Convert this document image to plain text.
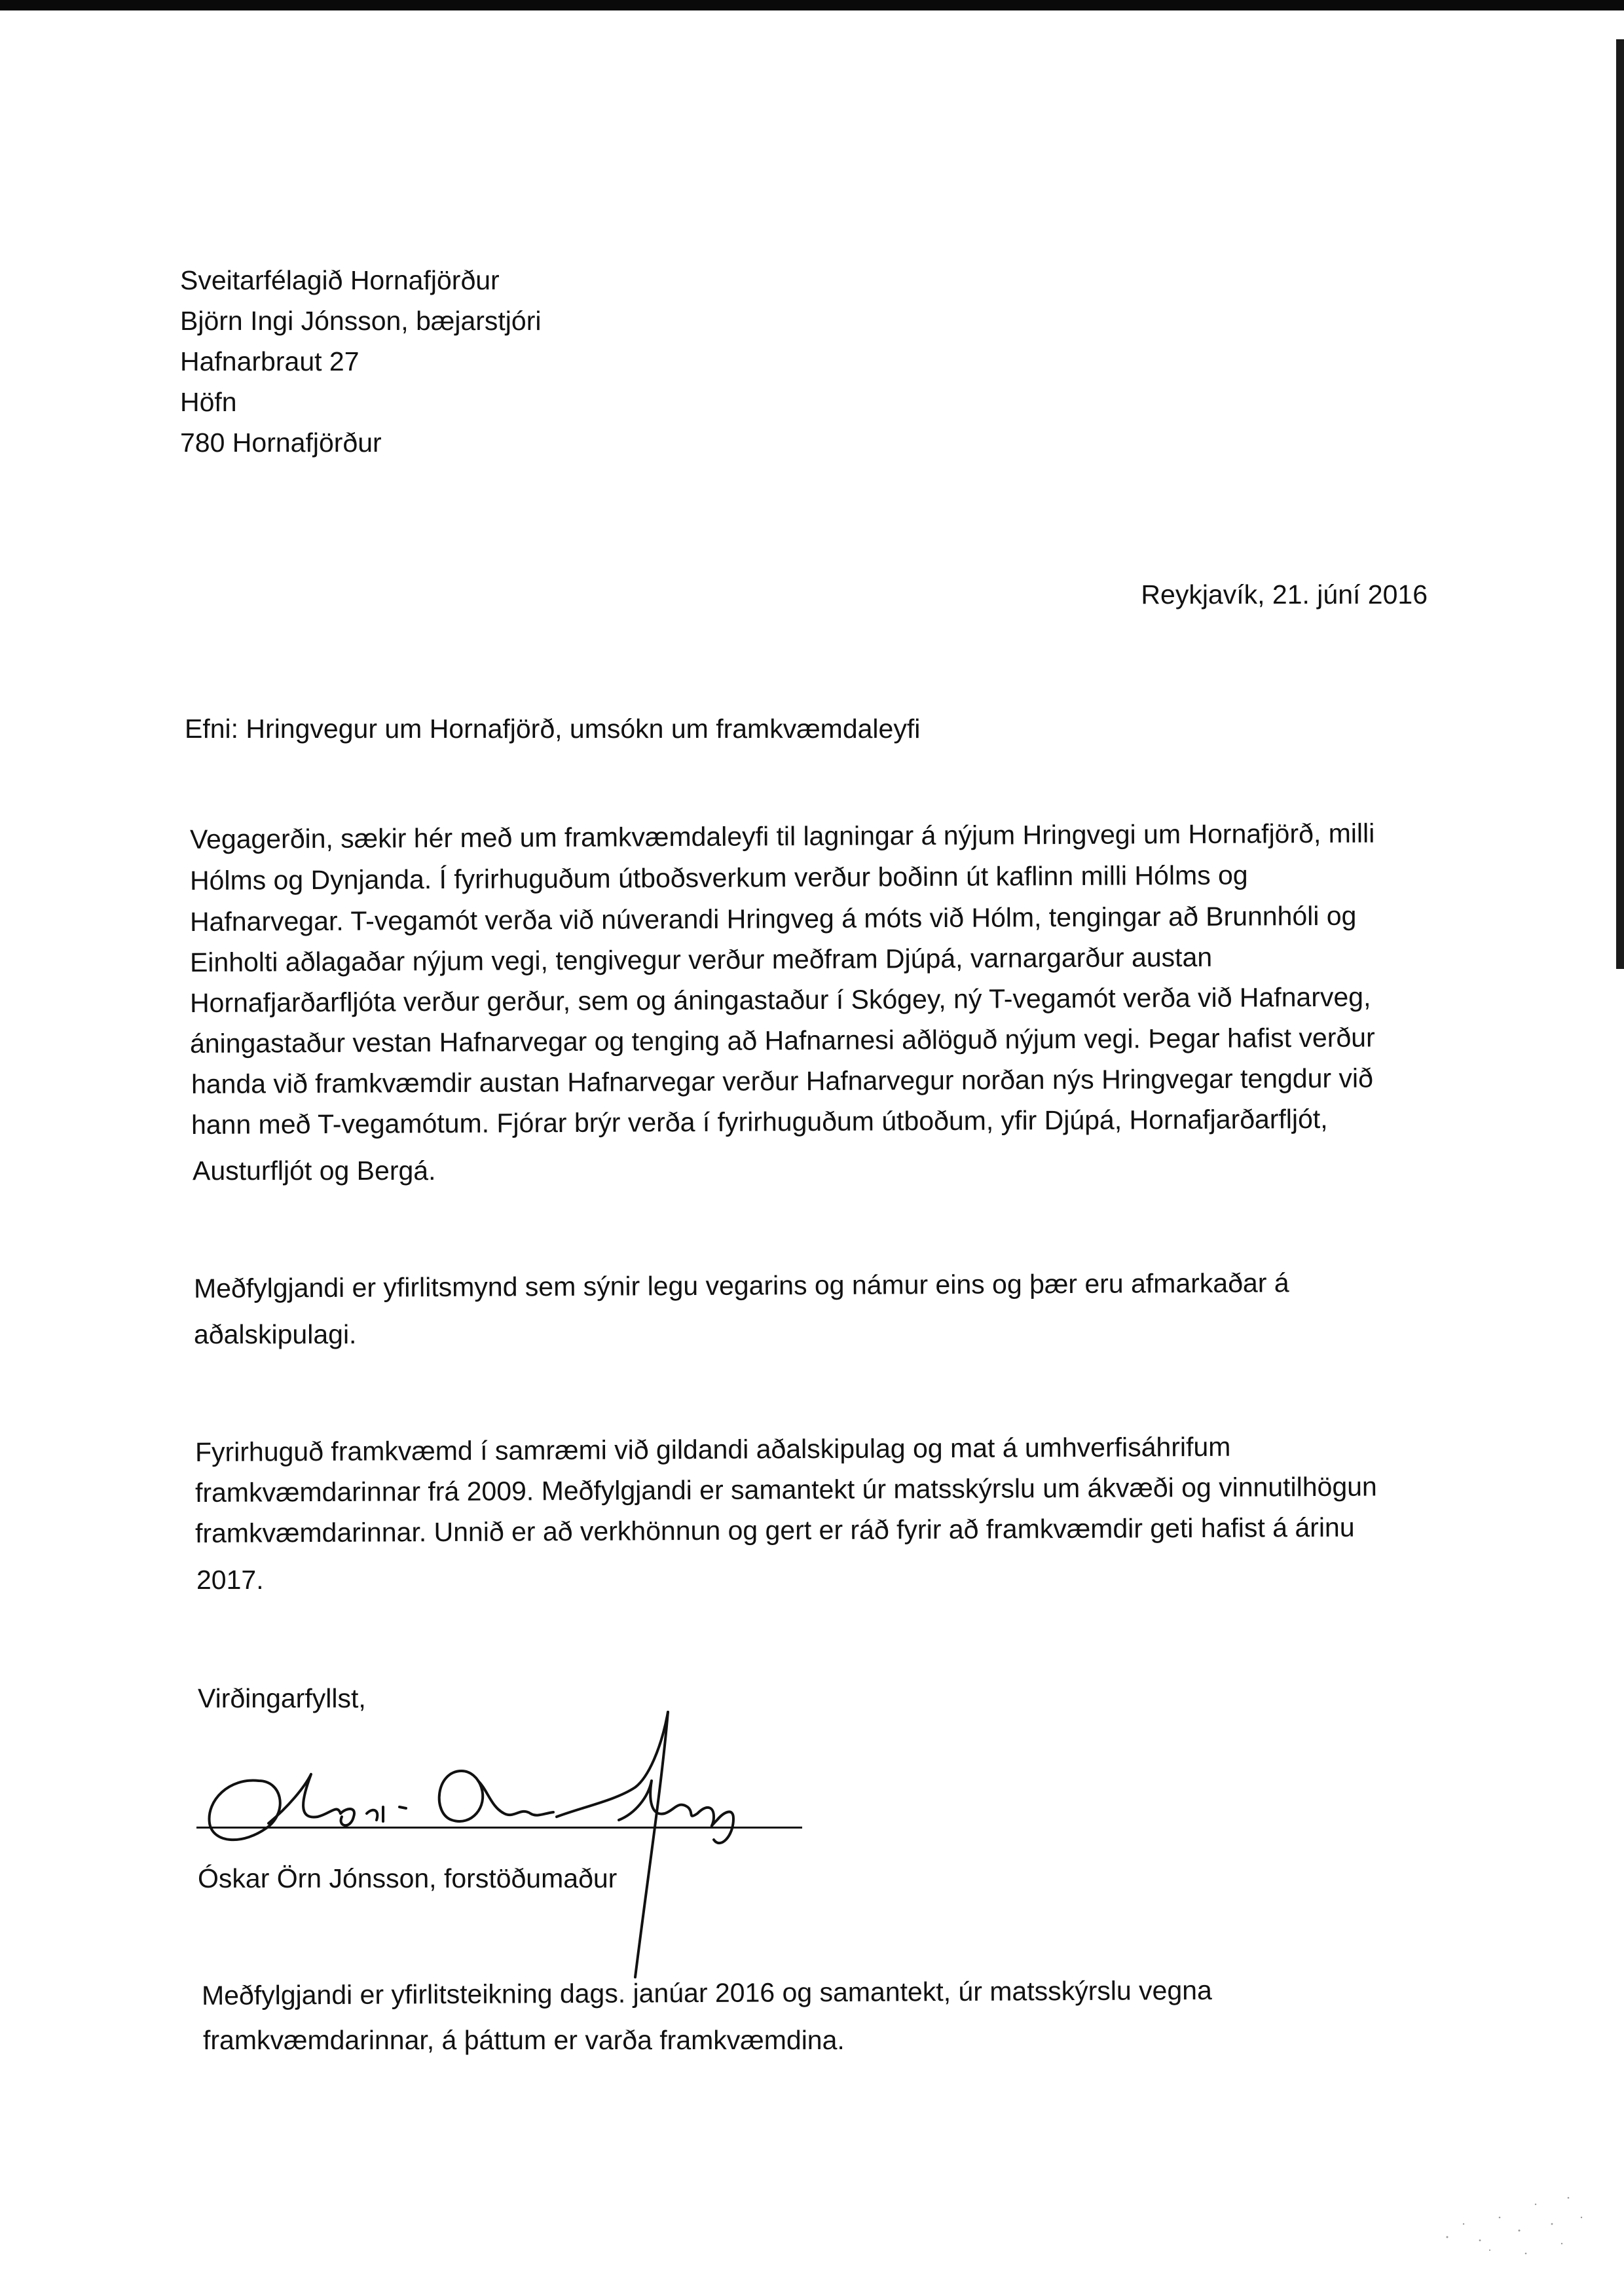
Sveitarfélagið Hornafjörður
Björn Ingi Jónsson, bæjarstjóri
Hafnarbraut 27
Höfn
780 Hornafjörður
Reykjavík, 21. júní 2016
Efni: Hringvegur um Hornafjörð, umsókn um framkvæmdaleyfi
Vegagerðin, sækir hér með um framkvæmdaleyfi til lagningar á nýjum Hringvegi um Hornafjörð, milli
Hólms og Dynjanda. Í fyrirhuguðum útboðsverkum verður boðinn út kaflinn milli Hólms og
Hafnarvegar. T-vegamót verða við núverandi Hringveg á móts við Hólm, tengingar að Brunnhóli og
Einholti aðlagaðar nýjum vegi, tengivegur verður meðfram Djúpá, varnargarður austan
Hornafjarðarfljóta verður gerður, sem og áningastaður í Skógey, ný T-vegamót verða við Hafnarveg,
áningastaður vestan Hafnarvegar og tenging að Hafnarnesi aðlöguð nýjum vegi. Þegar hafist verður
handa við framkvæmdir austan Hafnarvegar verður Hafnarvegur norðan nýs Hringvegar tengdur við
hann með T-vegamótum. Fjórar brýr verða í fyrirhuguðum útboðum, yfir Djúpá, Hornafjarðarfljót,
Austurfljót og Bergá.
Meðfylgjandi er yfirlitsmynd sem sýnir legu vegarins og námur eins og þær eru afmarkaðar á
aðalskipulagi.
Fyrirhuguð framkvæmd í samræmi við gildandi aðalskipulag og mat á umhverfisáhrifum
framkvæmdarinnar frá 2009. Meðfylgjandi er samantekt úr matsskýrslu um ákvæði og vinnutilhögun
framkvæmdarinnar. Unnið er að verkhönnun og gert er ráð fyrir að framkvæmdir geti hafist á árinu
2017.
Virðingarfyllst,
Óskar Örn Jónsson, forstöðumaður
Meðfylgjandi er yfirlitsteikning dags. janúar 2016 og samantekt, úr matsskýrslu vegna
framkvæmdarinnar, á þáttum er varða framkvæmdina.
